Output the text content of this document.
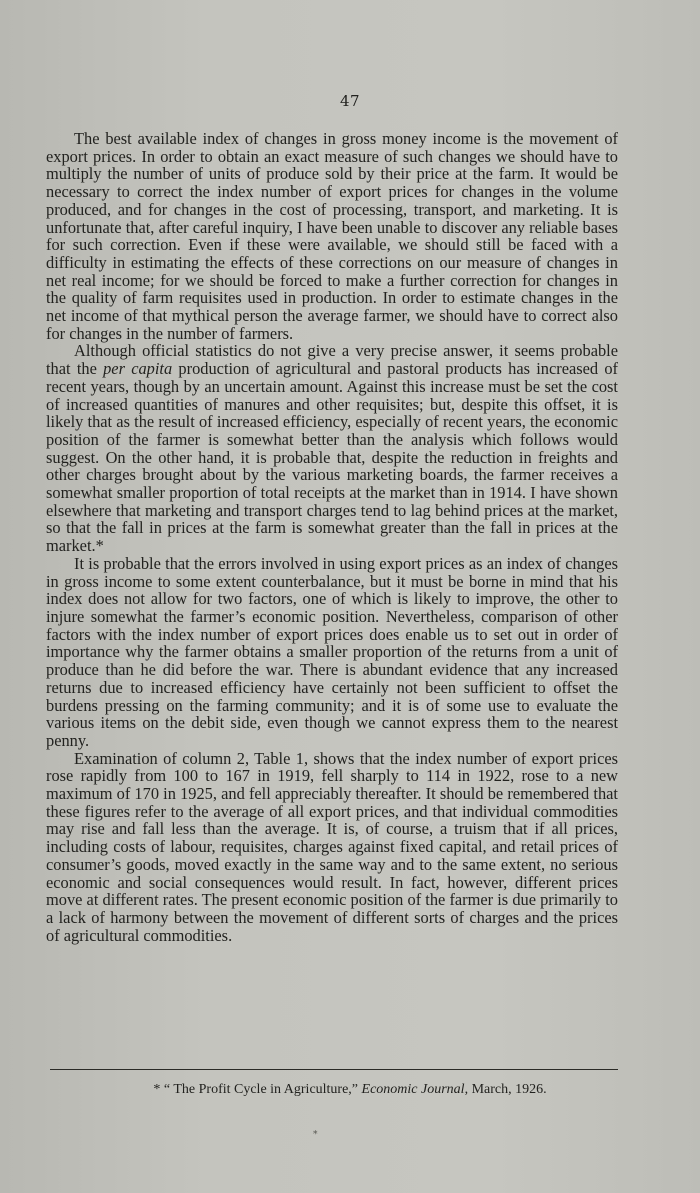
47

The best available index of changes in gross money income is the movement of export prices. In order to obtain an exact measure of such changes we should have to multiply the number of units of produce sold by their price at the farm. It would be necessary to correct the index number of export prices for changes in the volume produced, and for changes in the cost of processing, transport, and marketing. It is unfortunate that, after careful inquiry, I have been unable to discover any reliable bases for such correction. Even if these were available, we should still be faced with a difficulty in estimating the effects of these corrections on our measure of changes in net real income; for we should be forced to make a further correction for changes in the quality of farm requisites used in production. In order to estimate changes in the net income of that mythical person the average farmer, we should have to correct also for changes in the number of farmers.

Although official statistics do not give a very precise answer, it seems probable that the per capita production of agricultural and pastoral products has increased of recent years, though by an uncertain amount. Against this increase must be set the cost of increased quantities of manures and other requisites; but, despite this offset, it is likely that as the result of increased efficiency, especially of recent years, the economic position of the farmer is somewhat better than the analysis which follows would suggest. On the other hand, it is probable that, despite the reduction in freights and other charges brought about by the various marketing boards, the farmer receives a somewhat smaller proportion of total receipts at the market than in 1914. I have shown elsewhere that marketing and transport charges tend to lag behind prices at the market, so that the fall in prices at the farm is somewhat greater than the fall in prices at the market.*

It is probable that the errors involved in using export prices as an index of changes in gross income to some extent counterbalance, but it must be borne in mind that his index does not allow for two factors, one of which is likely to improve, the other to injure somewhat the farmer’s economic position. Nevertheless, comparison of other factors with the index number of export prices does enable us to set out in order of importance why the farmer obtains a smaller proportion of the returns from a unit of produce than he did before the war. There is abundant evidence that any increased returns due to increased efficiency have certainly not been sufficient to offset the burdens pressing on the farming community; and it is of some use to evaluate the various items on the debit side, even though we cannot express them to the nearest penny.

Examination of column 2, Table 1, shows that the index number of export prices rose rapidly from 100 to 167 in 1919, fell sharply to 114 in 1922, rose to a new maximum of 170 in 1925, and fell appreciably thereafter. It should be remembered that these figures refer to the average of all export prices, and that individual commodities may rise and fall less than the average. It is, of course, a truism that if all prices, including costs of labour, requisites, charges against fixed capital, and retail prices of consumer’s goods, moved exactly in the same way and to the same extent, no serious economic and social consequences would result. In fact, however, different prices move at different rates. The present economic position of the farmer is due primarily to a lack of harmony between the movement of different sorts of charges and the prices of agricultural commodities.

* “ The Profit Cycle in Agriculture,” Economic Journal, March, 1926.
*
